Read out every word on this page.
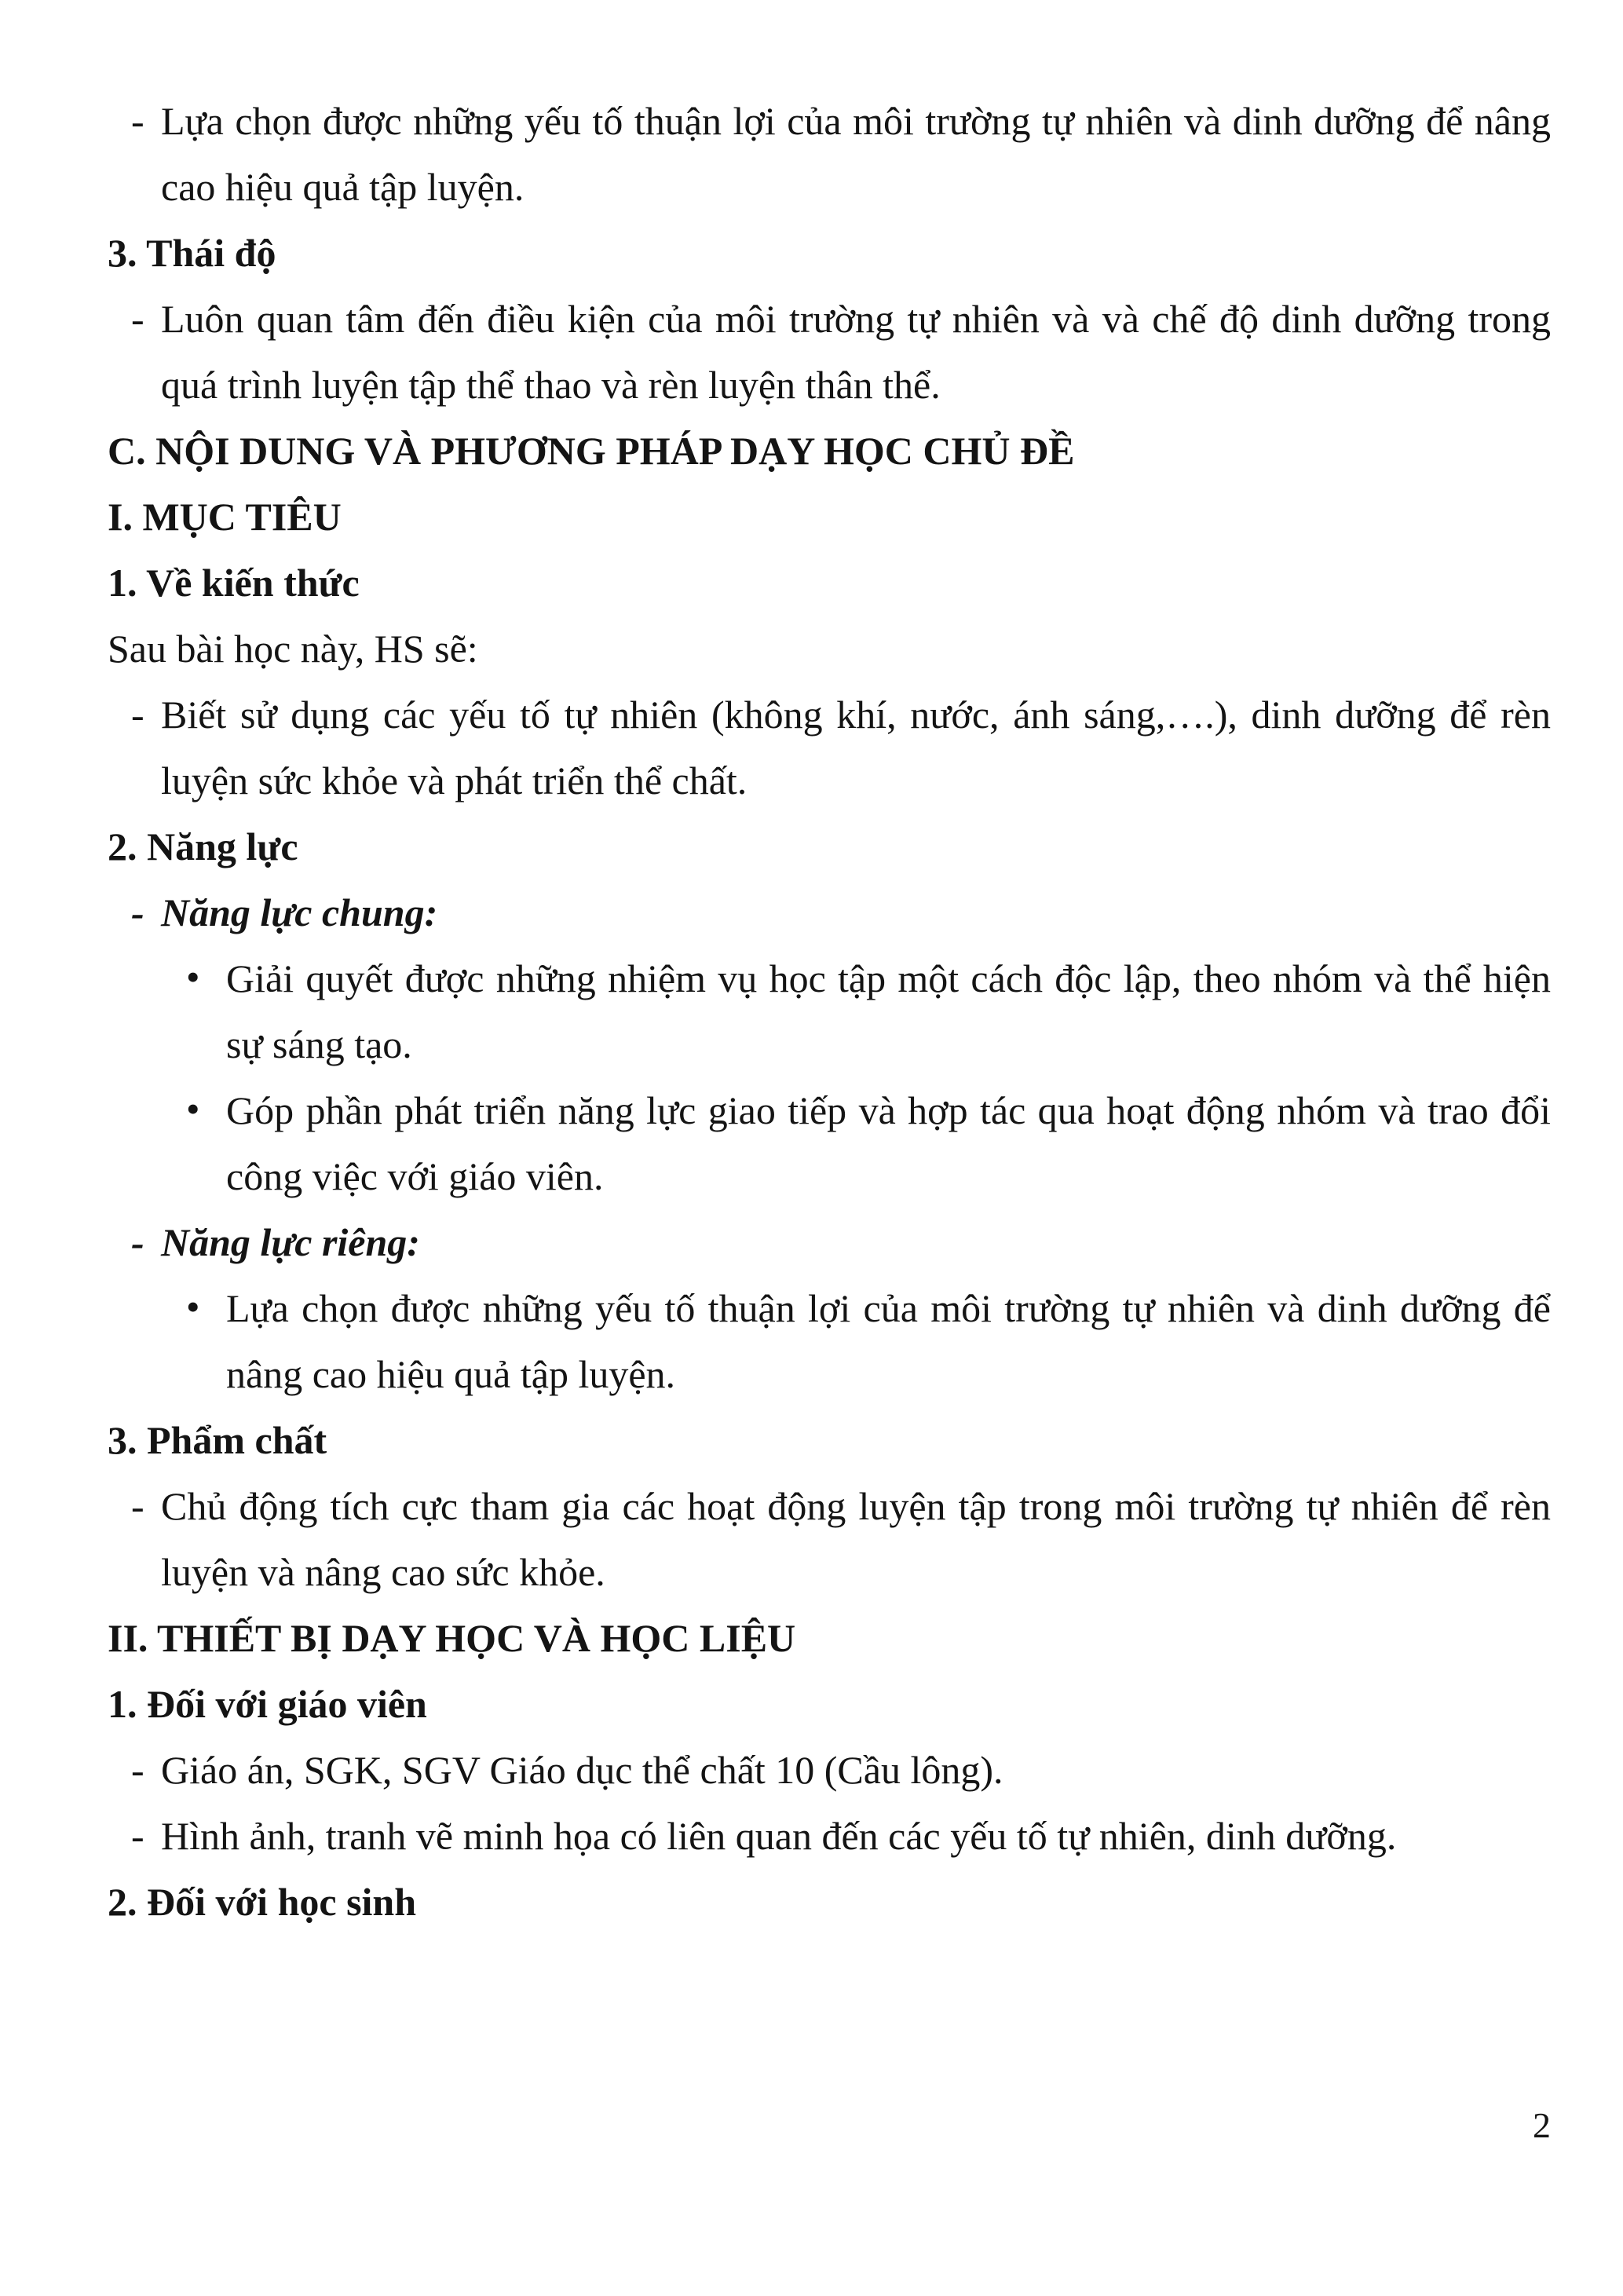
- Lựa chọn được những yếu tố thuận lợi của môi trường tự nhiên và dinh dưỡng để nâng cao hiệu quả tập luyện.
3. Thái độ
- Luôn quan tâm đến điều kiện của môi trường tự nhiên và và chế độ dinh dưỡng trong quá trình luyện tập thể thao và rèn luyện thân thể.
C. NỘI DUNG VÀ PHƯƠNG PHÁP DẠY HỌC CHỦ ĐỀ
I. MỤC TIÊU
1. Về kiến thức
Sau bài học này, HS sẽ:
- Biết sử dụng các yếu tố tự nhiên (không khí, nước, ánh sáng,….), dinh dưỡng để rèn luyện sức khỏe và phát triển thể chất.
2. Năng lực
- Năng lực chung:
• Giải quyết được những nhiệm vụ học tập một cách độc lập, theo nhóm và thể hiện sự sáng tạo.
• Góp phần phát triển năng lực giao tiếp và hợp tác qua hoạt động nhóm và trao đổi công việc với giáo viên.
- Năng lực riêng:
• Lựa chọn được những yếu tố thuận lợi của môi trường tự nhiên và dinh dưỡng để nâng cao hiệu quả tập luyện.
3. Phẩm chất
- Chủ động tích cực tham gia các hoạt động luyện tập trong môi trường tự nhiên để rèn luyện và nâng cao sức khỏe.
II. THIẾT BỊ DẠY HỌC VÀ HỌC LIỆU
1. Đối với giáo viên
- Giáo án, SGK, SGV Giáo dục thể chất 10 (Cầu lông).
- Hình ảnh, tranh vẽ minh họa có liên quan đến các yếu tố tự nhiên, dinh dưỡng.
2. Đối với học sinh
2
